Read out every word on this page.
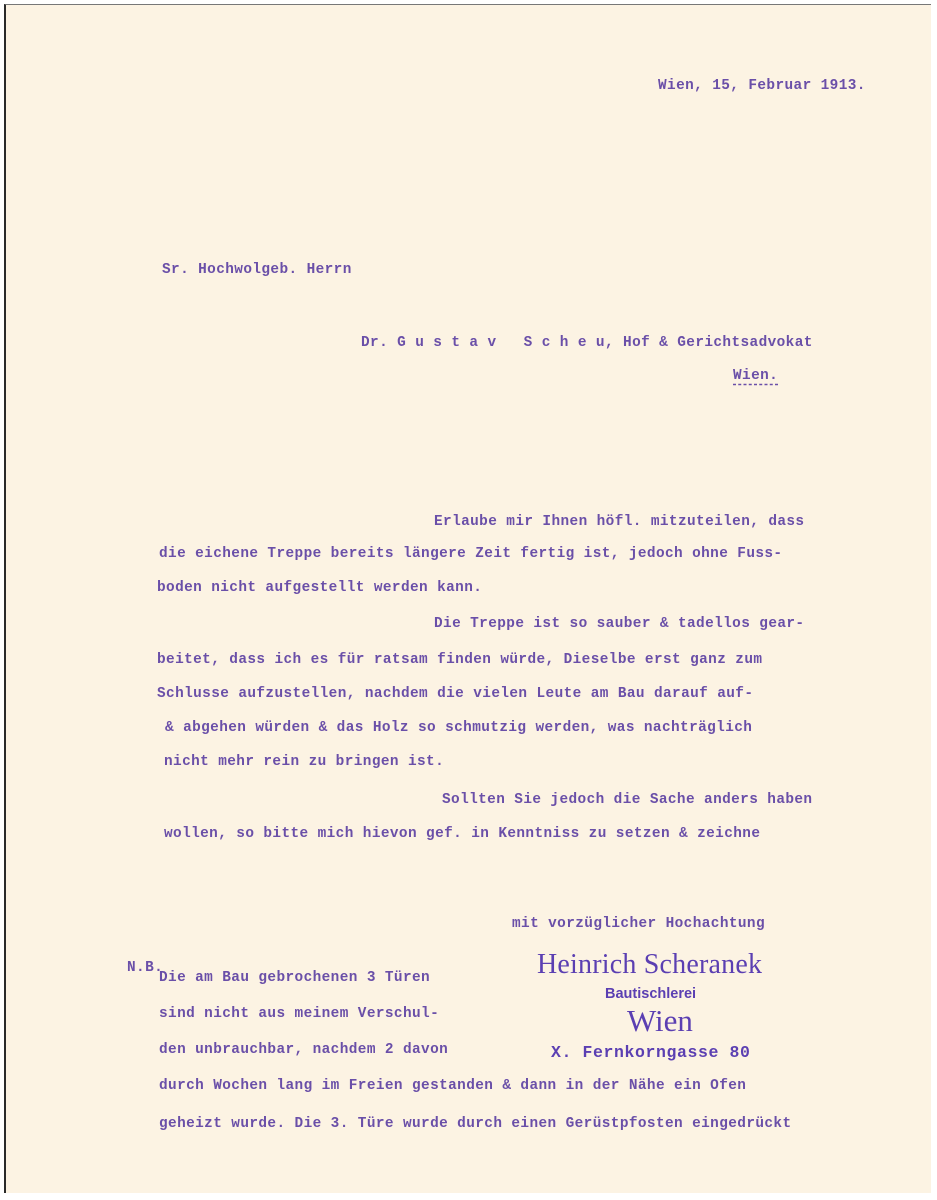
Wien, 15, Februar 1913.

Sr. Hochwolgeb. Herrn

Dr. G u s t a v   S c h e u, Hof & Gerichtsadvokat

Wien.

Erlaube mir Ihnen höfl. mitzuteilen, dass

die eichene Treppe bereits längere Zeit fertig ist, jedoch ohne Fuss-

boden nicht aufgestellt werden kann.

Die Treppe ist so sauber & tadellos gear-

beitet, dass ich es für ratsam finden würde, Dieselbe erst ganz zum

Schlusse aufzustellen, nachdem die vielen Leute am Bau darauf auf-

& abgehen würden & das Holz so schmutzig werden, was nachträglich

nicht mehr rein zu bringen ist.

Sollten Sie jedoch die Sache anders haben

wollen, so bitte mich hievon gef. in Kenntniss zu setzen & zeichne

mit vorzüglicher Hochachtung

N.B.

Die am Bau gebrochenen 3 Türen

sind nicht aus meinem Verschul-

den unbrauchbar, nachdem 2 davon

durch Wochen lang im Freien gestanden & dann in der Nähe ein Ofen

geheizt wurde. Die 3. Türe wurde durch einen Gerüstpfosten eingedrückt

Heinrich Scheranek

Bautischlerei

Wien

X. Fernkorngasse 80
